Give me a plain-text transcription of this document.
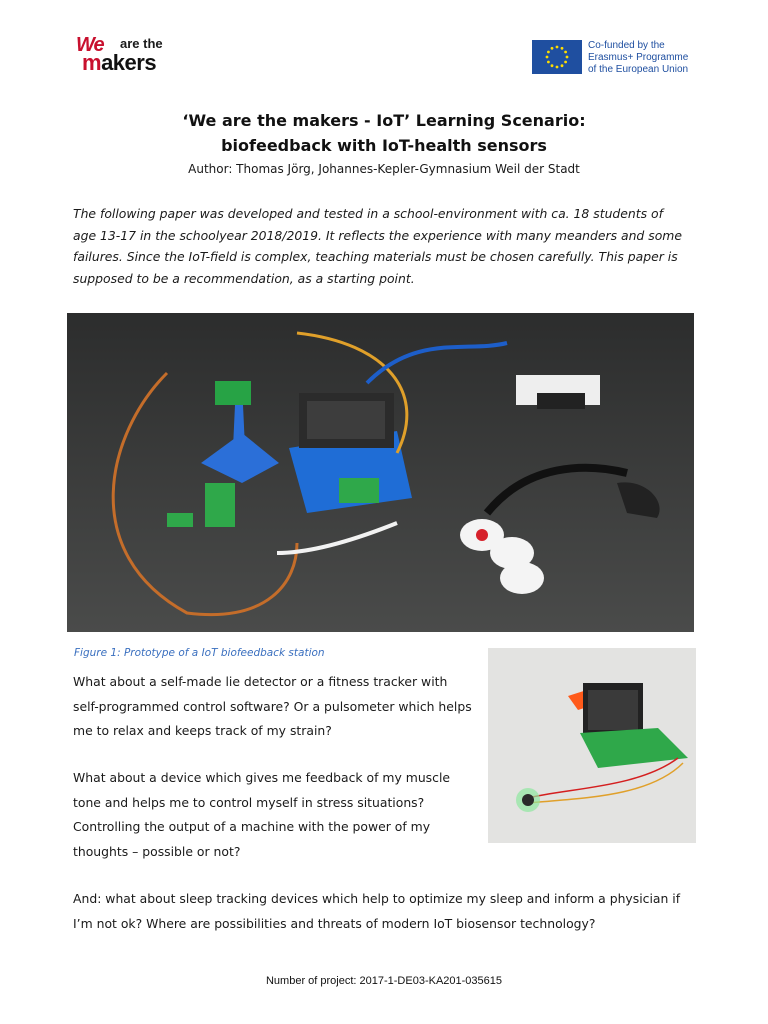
We are the
makers
Co-funded by the
Erasmus+ Programme
of the European Union
‘We are the makers - IoT’ Learning Scenario:
biofeedback with IoT-health sensors
Author: Thomas Jörg, Johannes-Kepler-Gymnasium Weil der Stadt
The following paper was developed and tested in a school-environment with ca. 18 students of
age 13-17 in the schoolyear 2018/2019. It reflects the experience with many meanders and some
failures. Since the IoT-field is complex, teaching materials must be chosen carefully. This paper is
supposed to be a recommendation, as a starting point.
Figure 1: Prototype of a IoT biofeedback station
What about a self-made lie detector or a fitness tracker with
self-programmed control software? Or a pulsometer which helps
me to relax and keeps track of my strain?
What about a device which gives me feedback of my muscle
tone and helps me to control myself in stress situations?
Controlling the output of a machine with the power of my
thoughts – possible or not?
And: what about sleep tracking devices which help to optimize my sleep and inform a physician if
I’m not ok? Where are possibilities and threats of modern IoT biosensor technology?
Number of project: 2017-1-DE03-KA201-035615
